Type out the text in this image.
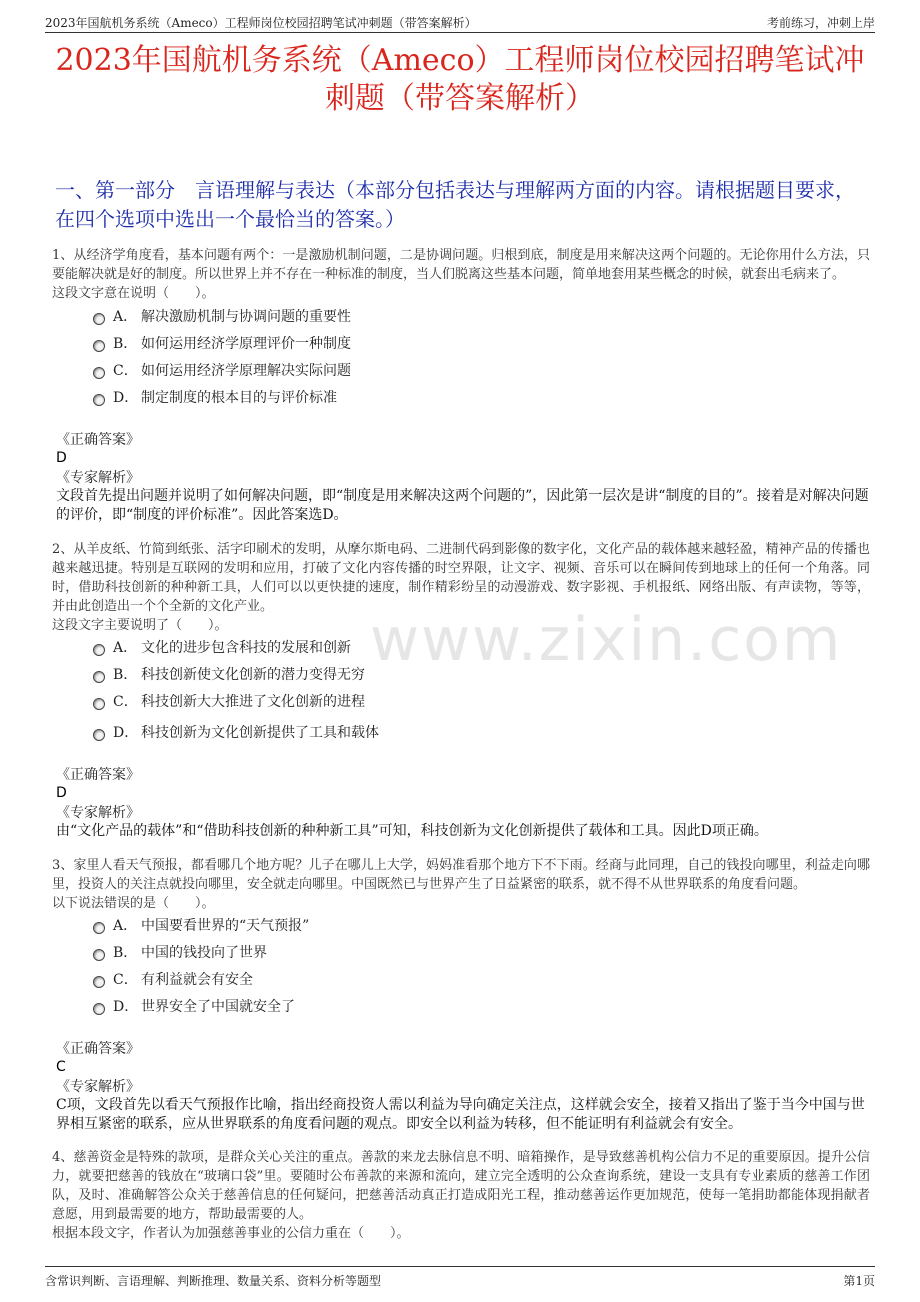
2023年国航机务系统（Ameco）工程师岗位校园招聘笔试冲刺题（带答案解析）	考前练习，冲刺上岸
2023年国航机务系统（Ameco）工程师岗位校园招聘笔试冲刺题（带答案解析）
一、第一部分　言语理解与表达（本部分包括表达与理解两方面的内容。请根据题目要求，在四个选项中选出一个最恰当的答案。）
www.zixin.com
1、从经济学角度看，基本问题有两个：一是激励机制问题，二是协调问题。归根到底，制度是用来解决这两个问题的。无论你用什么方法，只要能解决就是好的制度。所以世界上并不存在一种标准的制度，当人们脱离这些基本问题，简单地套用某些概念的时候，就套出毛病来了。
这段文字意在说明（　　）。
A． 解决激励机制与协调问题的重要性
B． 如何运用经济学原理评价一种制度
C． 如何运用经济学原理解决实际问题
D． 制定制度的根本目的与评价标准
《正确答案》
D
《专家解析》
文段首先提出问题并说明了如何解决问题，即“制度是用来解决这两个问题的”，因此第一层次是讲“制度的目的”。接着是对解决问题的评价，即“制度的评价标准”。因此答案选D。
2、从羊皮纸、竹简到纸张、活字印刷术的发明，从摩尔斯电码、二进制代码到影像的数字化，文化产品的载体越来越轻盈，精神产品的传播也越来越迅捷。特别是互联网的发明和应用，打破了文化内容传播的时空界限，让文字、视频、音乐可以在瞬间传到地球上的任何一个角落。同时，借助科技创新的种种新工具，人们可以以更快捷的速度，制作精彩纷呈的动漫游戏、数字影视、手机报纸、网络出版、有声读物，等等，并由此创造出一个个全新的文化产业。
这段文字主要说明了（　　）。
A． 文化的进步包含科技的发展和创新
B． 科技创新使文化创新的潜力变得无穷
C． 科技创新大大推进了文化创新的进程
D． 科技创新为文化创新提供了工具和载体
《正确答案》
D
《专家解析》
由“文化产品的载体”和“借助科技创新的种种新工具”可知，科技创新为文化创新提供了载体和工具。因此D项正确。
3、家里人看天气预报，都看哪几个地方呢？儿子在哪儿上大学，妈妈准看那个地方下不下雨。经商与此同理，自己的钱投向哪里，利益走向哪里，投资人的关注点就投向哪里，安全就走向哪里。中国既然已与世界产生了日益紧密的联系，就不得不从世界联系的角度看问题。
以下说法错误的是（　　）。
A． 中国要看世界的“天气预报”
B． 中国的钱投向了世界
C． 有利益就会有安全
D． 世界安全了中国就安全了
《正确答案》
C
《专家解析》
C项，文段首先以看天气预报作比喻，指出经商投资人需以利益为导向确定关注点，这样就会安全，接着又指出了鉴于当今中国与世界相互紧密的联系，应从世界联系的角度看问题的观点。即安全以利益为转移，但不能证明有利益就会有安全。
4、慈善资金是特殊的款项，是群众关心关注的重点。善款的来龙去脉信息不明、暗箱操作，是导致慈善机构公信力不足的重要原因。提升公信力，就要把慈善的钱放在“玻璃口袋”里。要随时公布善款的来源和流向，建立完全透明的公众查询系统，建设一支具有专业素质的慈善工作团队，及时、准确解答公众关于慈善信息的任何疑问，把慈善活动真正打造成阳光工程，推动慈善运作更加规范，使每一笔捐助都能体现捐献者意愿，用到最需要的地方，帮助最需要的人。
根据本段文字，作者认为加强慈善事业的公信力重在（　　）。
含常识判断、言语理解、判断推理、数量关系、资料分析等题型	第1页
